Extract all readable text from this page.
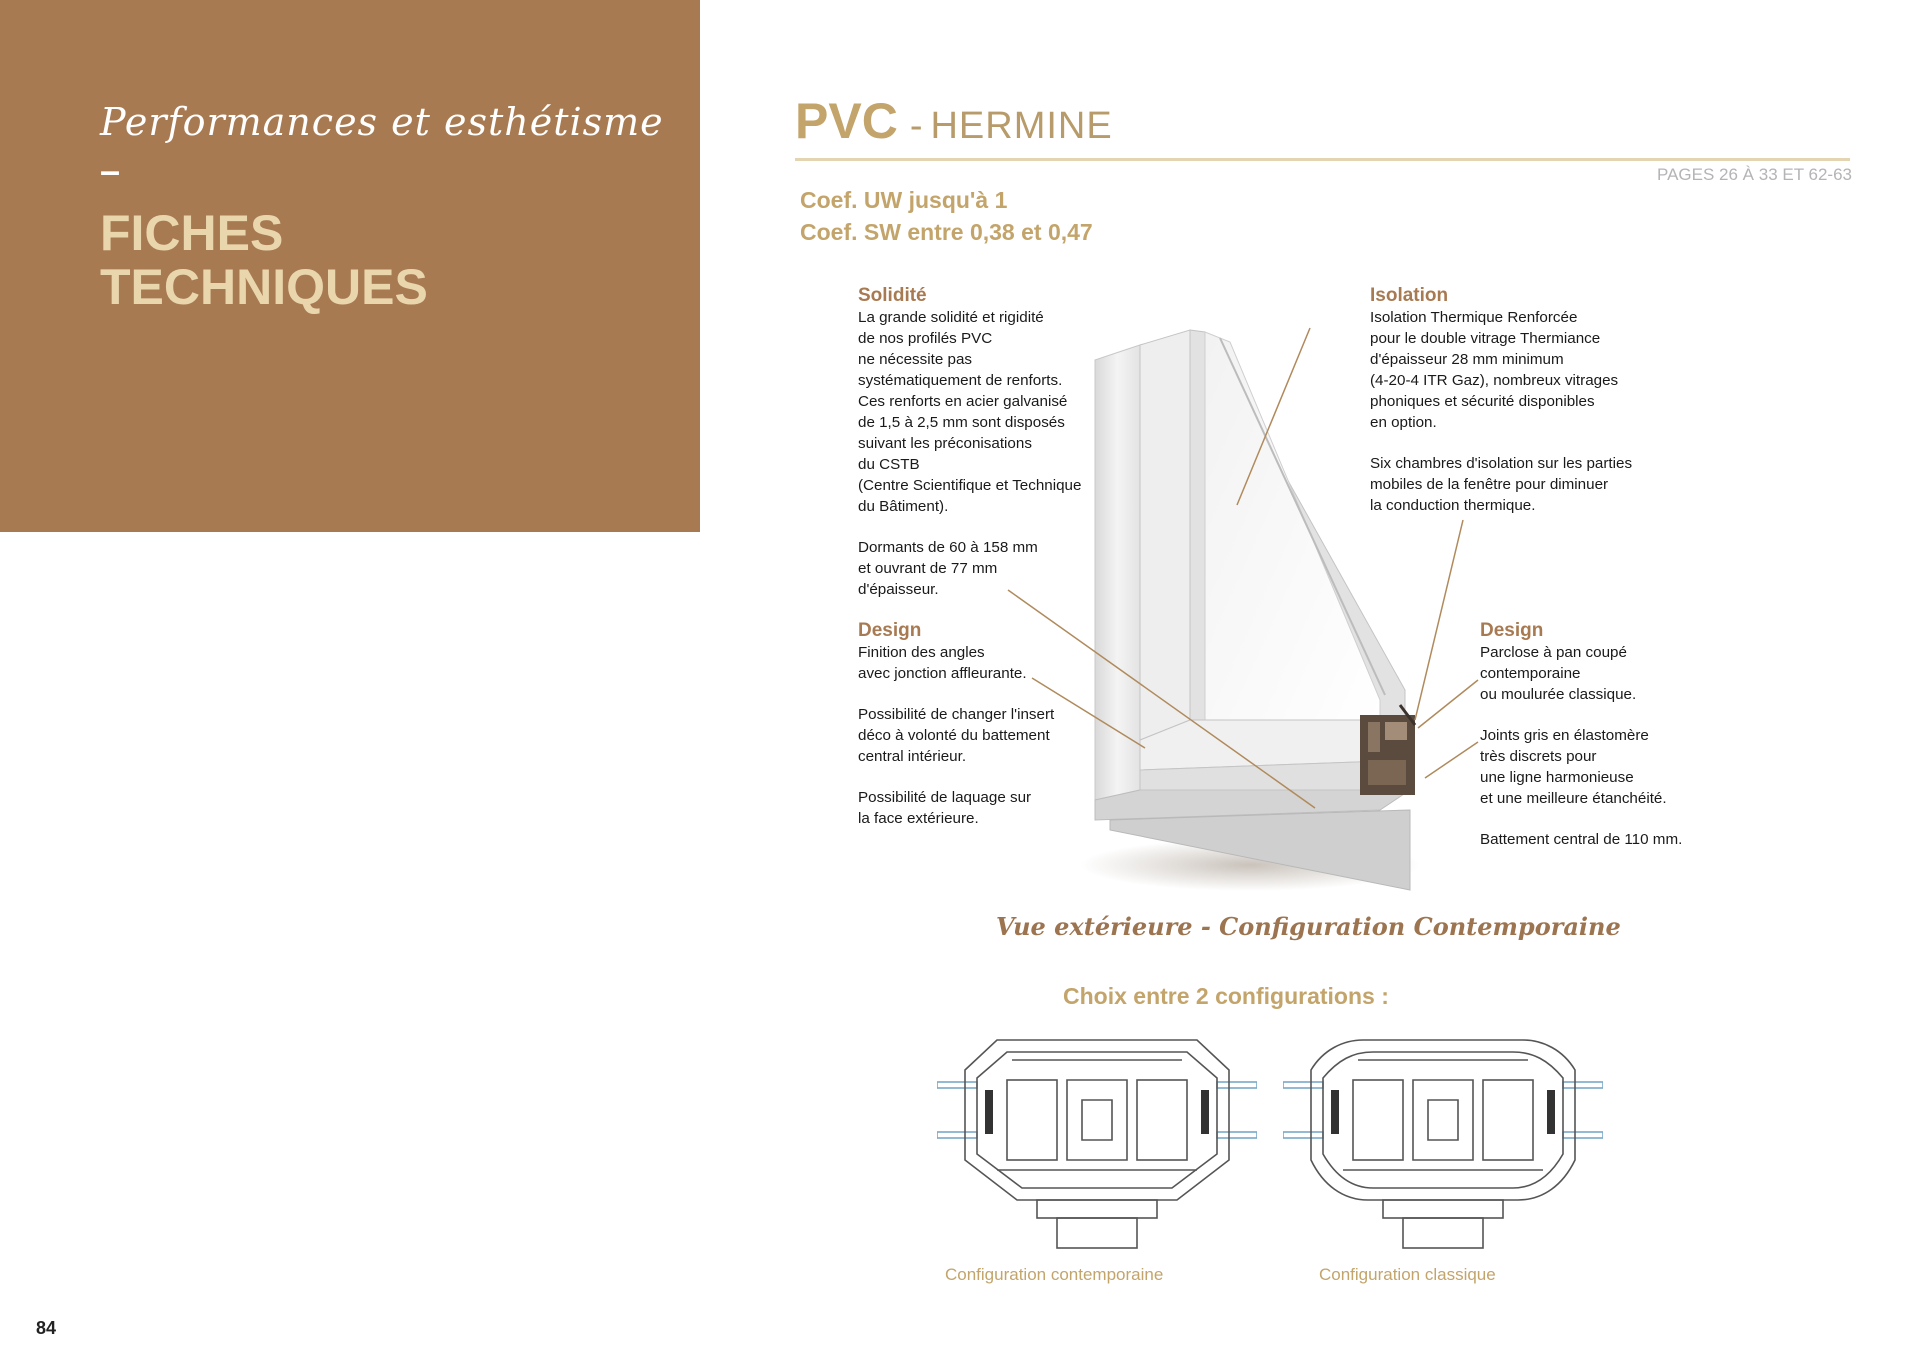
Performances et esthétisme
–
FICHES
TECHNIQUES
PVC - HERMINE
PAGES 26 À 33 ET 62-63
Coef. UW jusqu'à 1
Coef. SW entre 0,38 et 0,47
Solidité

La grande solidité et rigidité
de nos profilés PVC
ne nécessite pas
systématiquement de renforts.
Ces renforts en acier galvanisé
de 1,5 à 2,5 mm sont disposés
suivant les préconisations
du CSTB
(Centre Scientifique et Technique
du Bâtiment).

Dormants de 60 à 158 mm
et ouvrant de 77 mm
d'épaisseur.

Design

Finition des angles
avec jonction affleurante.

Possibilité de changer l'insert
déco à volonté du battement
central intérieur.

Possibilité de laquage sur
la face extérieure.

Isolation

Isolation Thermique Renforcée
pour le double vitrage Thermiance
d'épaisseur 28 mm minimum
(4-20-4 ITR Gaz), nombreux vitrages
phoniques et sécurité disponibles
en option.

Six chambres d'isolation sur les parties
mobiles de la fenêtre pour diminuer
la conduction thermique.

Design

Parclose à pan coupé
contemporaine
ou moulurée classique.

Joints gris en élastomère
très discrets pour
une ligne harmonieuse
et une meilleure étanchéité.

Battement central de 110 mm.

Vue extérieure - Configuration Contemporaine
Choix entre 2 configurations :
Configuration contemporaine	Configuration classique
84
